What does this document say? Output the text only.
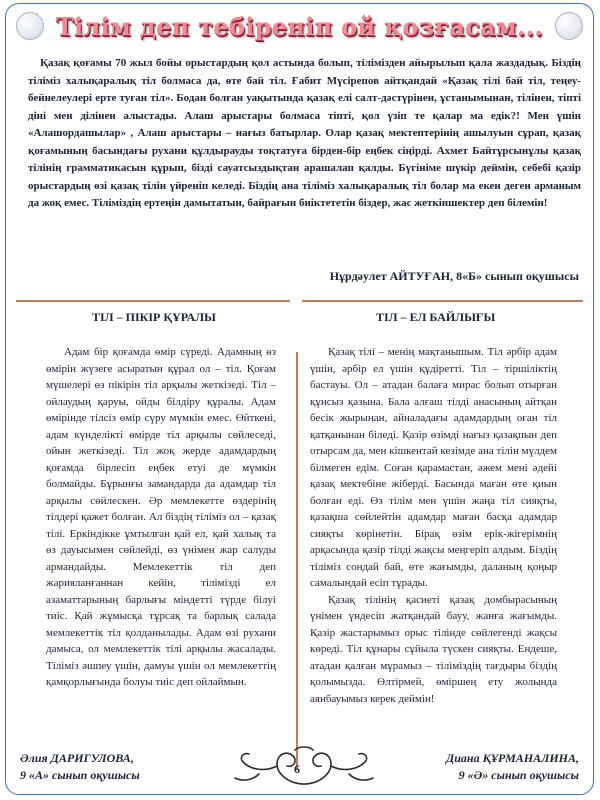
Тілім деп тебіреніп ой қозғасам...
Қазақ қоғамы 70 жыл бойы орыстардың қол астында болып, тілімізден айырылып қала жаздадық. Біздің тіліміз халықаралық тіл болмаса да, өте бай тіл. Ғабит Мүсірепов айтқандай «Қазақ тілі бай тіл, теңеу-бейнелеулері ерте туған тіл». Бодан болған уақытында қазақ елі салт-дәстүрінен, ұстанымынан, тілінен, тіпті діні мен ділінен алыстады. Алаш арыстары болмаса тіпті, қол үзіп те қалар ма едік?! Мен үшін «Алашордашылар» , Алаш арыстары – нағыз батырлар. Олар қазақ мектептерінің ашылуын сұрап, қазақ қоғамының басындағы рухани құлдырауды тоқтатуға бірден-бір еңбек сіңірді. Ахмет Байтұрсынұлы қазақ тілінің грамматикасын құрып, бізді сауатсыздықтан арашалап қалды. Бүгініме шүкір деймін, себебі қазір орыстардың өзі қазақ тілін үйреніп келеді. Біздің ана тіліміз халықаралық тіл болар ма екен деген арманым да жоқ емес. Тіліміздің ертеңін дамытатын, байрағын биіктететін біздер, жас жеткіншектер деп білемін!
Нұрдәулет АЙТУҒАН, 8«Б» сынып оқушысы
ТІЛ – ПІКІР ҚҰРАЛЫ	ТІЛ – ЕЛ БАЙЛЫҒЫ

Адам бір қоғамда өмір сүреді. Адамның өз өмірін жүзеге асыратын құрал ол – тіл. Қоғам мүшелері өз пікірін тіл арқылы жеткізеді. Тіл – ойлаудың қаруы, ойды білдіру құралы. Адам өмірінде тілсіз өмір сүру мүмкін емес. Өйткені, адам күнделікті өмірде тіл арқылы сөйлеседі, ойын жеткізеді. Тіл жоқ жерде адамдардың қоғамда бірлесіп еңбек етуі де мүмкін болмайды. Бұрынғы замандарда да адамдар тіл арқылы сөйлескен. Әр мемлекетте өздерінің тілдері қажет болған. Ал біздің тіліміз ол – қазақ тілі. Еркіндікке ұмтылған қай ел, қай халық та өз дауысымен сөйлейді, өз үнімен жар салуды армандайды. Мемлекеттік тіл деп жарияланғаннан кейін, тілімізді ел азаматтарының барлығы міндетті түрде білуі тиіс. Қай жұмысқа тұрсақ та барлық салада мемлекеттік тіл қолданылады. Адам өзі рухани дамыса, ол мемлекеттік тілі арқылы жасалады. Тіліміз әшпеу үшін, дамуы үшін ол мемлекеттің қамқорлығында болуы тиіс деп ойлаймын.

Қазақ тілі – менің мақтанышым. Тіл әрбір адам үшін, әрбір ел үшін құдіретті. Тіл – тіршіліктің бастауы. Ол – атадан балаға мирас болып отырған құнсыз қазына. Бала алғаш тілді анасының айтқан бесік жырынан, айналадағы адамдардың оған тіл қатқанынан біледі. Қазір өзімді нағыз қазақпын деп отырсам да, мен кішкентай кезімде ана тілін мүлдем білмеген едім. Соған қарамастан, әжем мені әдейі қазақ мектебіне жіберді. Басында маған өте қиын болған еді. Өз тілім мен үшін жаңа тіл сияқты, қазақша сөйлейтін адамдар маған басқа адамдар сияқты көрінетін. Бірақ өзім ерік-жігерімнің арқасында қазір тілді жақсы меңгеріп алдым. Біздің тіліміз сондай бай, өте жағымды, даланың қоңыр самалындай есіп тұрады.

Қазақ тілінің қасиеті қазақ домбырасының үнімен үндесіп жатқандай бауу, жанға жағымды. Қазір жастарымыз орыс тілінде сөйлегенді жақсы көреді. Тіл құнары сұйыла түскен сияқты. Ендеше, атадан қалған мұрамыз – тіліміздің тағдыры біздің қолымызда. Өлтірмей, өміршең ету жолында аянбауымыз керек деймін!

Әлия ДАРИГУЛОВА,
9 «А» сынып оқушысы	6
Диана ҚҰРМАНАЛИНА,
9 «Ә» сынып оқушысы
